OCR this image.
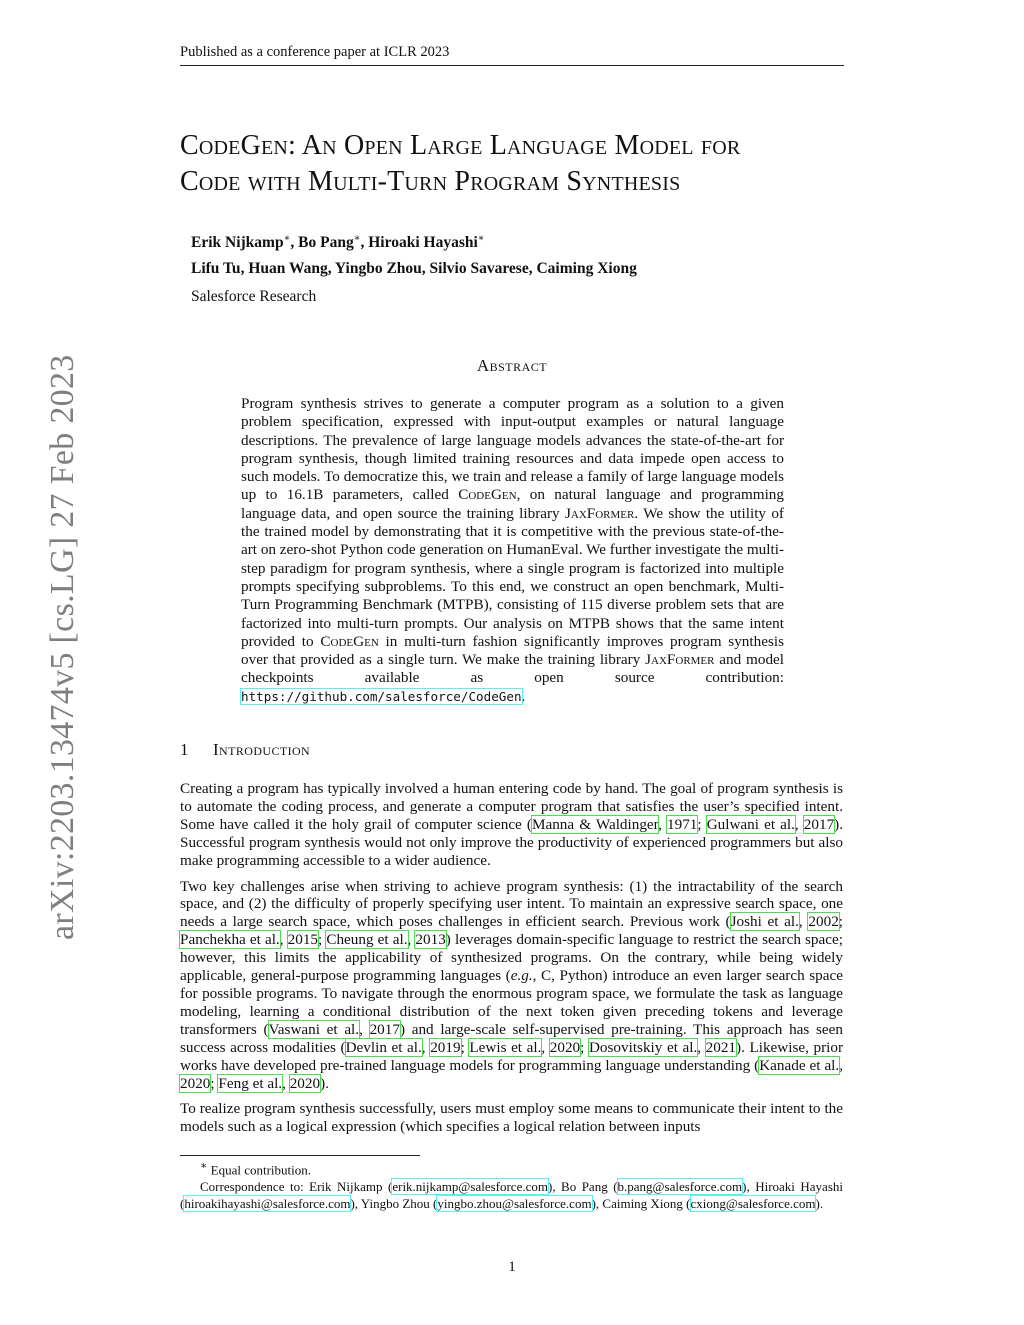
Published as a conference paper at ICLR 2023
arXiv:2203.13474v5 [cs.LG] 27 Feb 2023
CodeGen: An Open Large Language Model for
Code with Multi-Turn Program Synthesis
Erik Nijkamp∗, Bo Pang∗, Hiroaki Hayashi∗
Lifu Tu, Huan Wang, Yingbo Zhou, Silvio Savarese, Caiming Xiong
Salesforce Research
Abstract

Program synthesis strives to generate a computer program as a solution to a given problem specification, expressed with input-output examples or natural language descriptions. The prevalence of large language models advances the state-of-the-art for program synthesis, though limited training resources and data impede open access to such models. To democratize this, we train and release a family of large language models up to 16.1B parameters, called CodeGen, on natural language and programming language data, and open source the training library JaxFormer. We show the utility of the trained model by demonstrating that it is competitive with the previous state-of-the-art on zero-shot Python code generation on HumanEval. We further investigate the multi-step paradigm for program synthesis, where a single program is factorized into multiple prompts specifying subproblems. To this end, we construct an open benchmark, Multi-Turn Programming Benchmark (MTPB), consisting of 115 diverse problem sets that are factorized into multi-turn prompts. Our analysis on MTPB shows that the same intent provided to CodeGen in multi-turn fashion significantly improves program synthesis over that provided as a single turn. We make the training library JaxFormer and model checkpoints available as open source contribution: https://github.com/salesforce/CodeGen.

1 Introduction

Creating a program has typically involved a human entering code by hand. The goal of program synthesis is to automate the coding process, and generate a computer program that satisfies the user’s specified intent. Some have called it the holy grail of computer science (Manna & Waldinger, 1971; Gulwani et al., 2017). Successful program synthesis would not only improve the productivity of experienced programmers but also make programming accessible to a wider audience.

Two key challenges arise when striving to achieve program synthesis: (1) the intractability of the search space, and (2) the difficulty of properly specifying user intent. To maintain an expressive search space, one needs a large search space, which poses challenges in efficient search. Previous work (Joshi et al., 2002; Panchekha et al., 2015; Cheung et al., 2013) leverages domain-specific language to restrict the search space; however, this limits the applicability of synthesized programs. On the contrary, while being widely applicable, general-purpose programming languages (e.g., C, Python) introduce an even larger search space for possible programs. To navigate through the enormous program space, we formulate the task as language modeling, learning a conditional distribution of the next token given preceding tokens and leverage transformers (Vaswani et al., 2017) and large-scale self-supervised pre-training. This approach has seen success across modalities (Devlin et al., 2019; Lewis et al., 2020; Dosovitskiy et al., 2021). Likewise, prior works have developed pre-trained language models for programming language understanding (Kanade et al., 2020; Feng et al., 2020).

To realize program synthesis successfully, users must employ some means to communicate their intent to the models such as a logical expression (which specifies a logical relation between inputs

∗ Equal contribution.

Correspondence to: Erik Nijkamp (erik.nijkamp@salesforce.com), Bo Pang (b.pang@salesforce.com), Hiroaki Hayashi (hiroakihayashi@salesforce.com), Yingbo Zhou (yingbo.zhou@salesforce.com), Caiming Xiong (cxiong@salesforce.com).

1
